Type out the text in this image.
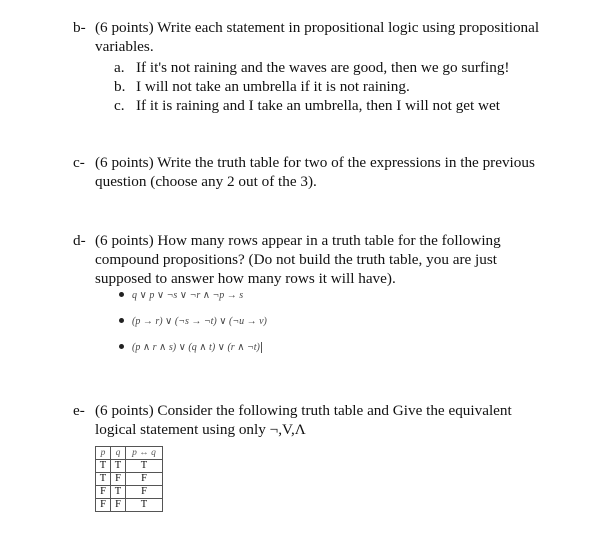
b- (6 points) Write each statement in propositional logic using propositional
variables.
a. If it's not raining and the waves are good, then we go surfing!
b. I will not take an umbrella if it is not raining.
c. If it is raining and I take an umbrella, then I will not get wet
c- (6 points) Write the truth table for two of the expressions in the previous
question (choose any 2 out of the 3).
d- (6 points) How many rows appear in a truth table for the following
compound propositions? (Do not build the truth table, you are just
supposed to answer how many rows it will have).
q ∨ p ∨ ¬s ∨ ¬r ∧ ¬p → s
(p → r) ∨ (¬s → ¬t) ∨ (¬u → v)
(p ∧ r ∧ s) ∨ (q ∧ t) ∨ (r ∧ ¬t)
e- (6 points) Consider the following truth table and Give the equivalent
logical statement using only ¬,V,Λ
p	q	p ↔ q
T	T	T
T	F	F
F	T	F
F	F	T
